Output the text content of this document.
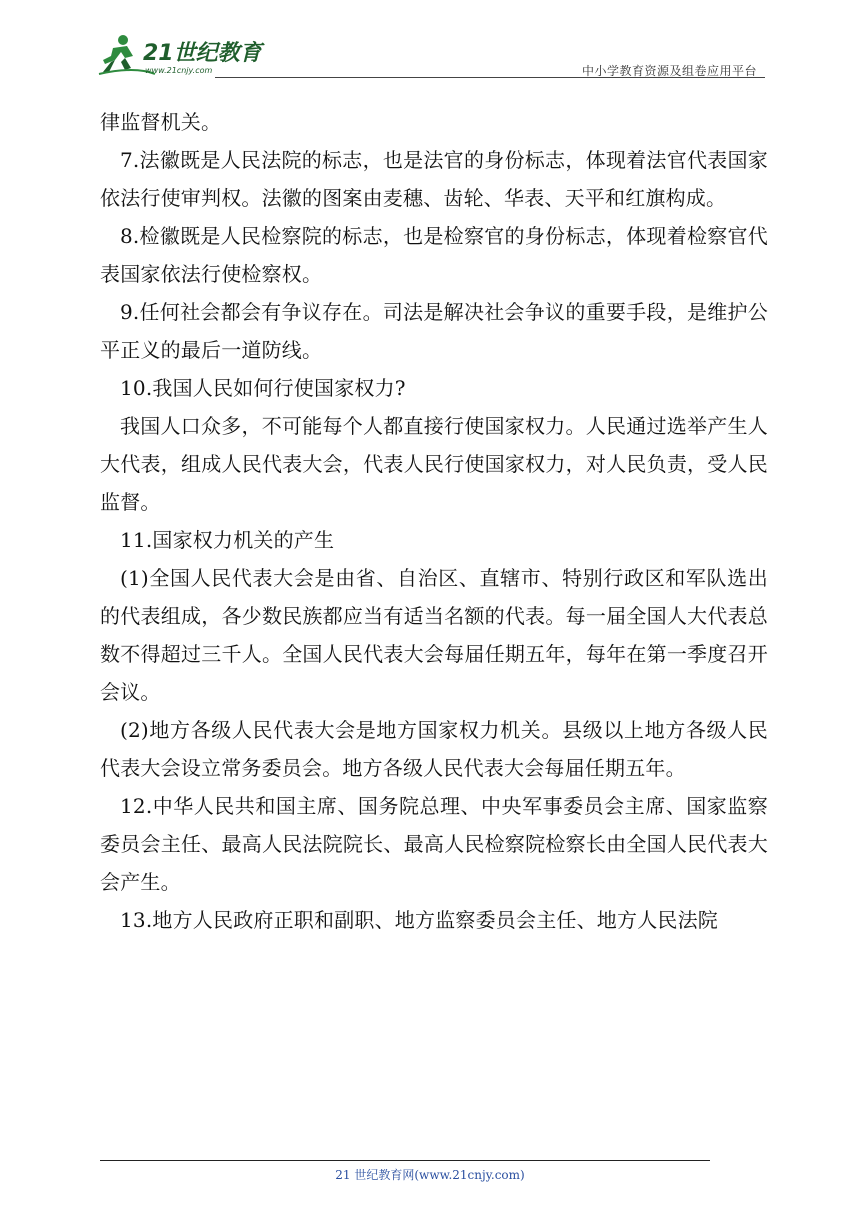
21世纪教育
www.21cnjy.com	中小学教育资源及组卷应用平台

律监督机关。

7.法徽既是人民法院的标志，也是法官的身份标志，体现着法官代表国家依法行使审判权。法徽的图案由麦穗、齿轮、华表、天平和红旗构成。

8.检徽既是人民检察院的标志，也是检察官的身份标志，体现着检察官代表国家依法行使检察权。

9.任何社会都会有争议存在。司法是解决社会争议的重要手段，是维护公平正义的最后一道防线。

10.我国人民如何行使国家权力?

我国人口众多，不可能每个人都直接行使国家权力。人民通过选举产生人大代表，组成人民代表大会，代表人民行使国家权力，对人民负责，受人民监督。

11.国家权力机关的产生

(1)全国人民代表大会是由省、自治区、直辖市、特别行政区和军队选出的代表组成，各少数民族都应当有适当名额的代表。每一届全国人大代表总数不得超过三千人。全国人民代表大会每届任期五年，每年在第一季度召开会议。

(2)地方各级人民代表大会是地方国家权力机关。县级以上地方各级人民代表大会设立常务委员会。地方各级人民代表大会每届任期五年。

12.中华人民共和国主席、国务院总理、中央军事委员会主席、国家监察委员会主任、最高人民法院院长、最高人民检察院检察长由全国人民代表大会产生。

13.地方人民政府正职和副职、地方监察委员会主任、地方人民法院

21 世纪教育网(www.21cnjy.com)
